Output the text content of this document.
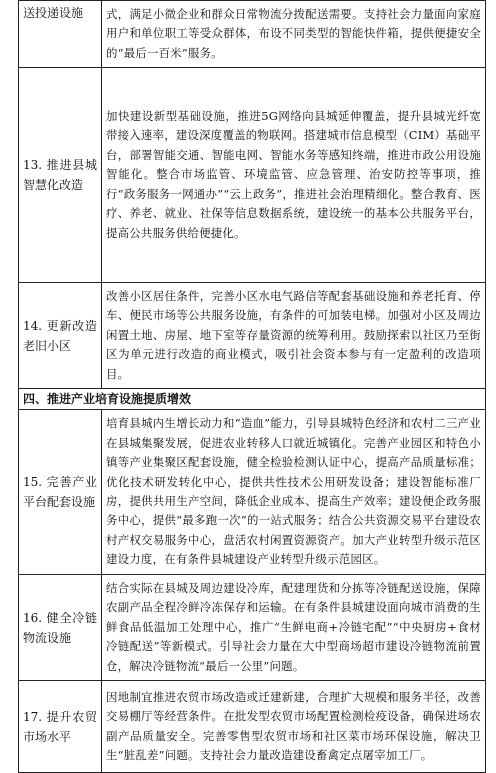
送投递设施	式，满足小微企业和群众日常物流分拨配送需要。支持社会力量面向家庭用户和单位职工等受众群体，布设不同类型的智能快件箱，提供便捷安全的“最后一百米”服务。
13. 推进县城智慧化改造	加快建设新型基础设施，推进5G网络向县城延伸覆盖，提升县城光纤宽带接入速率，建设深度覆盖的物联网。搭建城市信息模型（CIM）基础平台，部署智能交通、智能电网、智能水务等感知终端，推进市政公用设施智能化。整合市场监管、环境监管、应急管理、治安防控等事项，推行“政务服务一网通办”“云上政务”，推进社会治理精细化。整合教育、医疗、养老、就业、社保等信息数据系统，建设统一的基本公共服务平台，提高公共服务供给便捷化。
14. 更新改造老旧小区	改善小区居住条件，完善小区水电气路信等配套基础设施和养老托育、停车、便民市场等公共服务设施，有条件的可加装电梯。加强对小区及周边闲置土地、房屋、地下室等存量资源的统筹利用。鼓励探索以社区乃至街区为单元进行改造的商业模式，吸引社会资本参与有一定盈利的改造项目。
四、推进产业培育设施提质增效	
15. 完善产业平台配套设施	培育县城内生增长动力和“造血”能力，引导县城特色经济和农村二三产业在县城集聚发展，促进农业转移人口就近城镇化。完善产业园区和特色小镇等产业集聚区配套设施，健全检验检测认证中心，提高产品质量标准；优化技术研发转化中心，提供共性技术公用研发设备；建设智能标准厂房，提供共用生产空间，降低企业成本、提高生产效率；建设便企政务服务中心，提供“最多跑一次”的一站式服务；结合公共资源交易平台建设农村产权交易服务中心，盘活农村闲置资源资产。加大产业转型升级示范区建设力度，在有条件县城建设产业转型升级示范园区。
16. 健全冷链物流设施	结合实际在县城及周边建设冷库，配建理货和分拣等冷链配送设施，保障农副产品全程冷鲜冷冻保存和运输。在有条件县城建设面向城市消费的生鲜食品低温加工处理中心，推广“生鲜电商+冷链宅配”“中央厨房+食材冷链配送”等新模式。引导社会力量在大中型商场超市建设冷链物流前置仓，解决冷链物流“最后一公里”问题。
17. 提升农贸市场水平	因地制宜推进农贸市场改造或迁建新建，合理扩大规模和服务半径，改善交易棚厅等经营条件。在批发型农贸市场配置检测检疫设备，确保进场农副产品质量安全。完善零售型农贸市场和社区菜市场环保设施，解决卫生“脏乱差”问题。支持社会力量改造建设畜禽定点屠宰加工厂。
